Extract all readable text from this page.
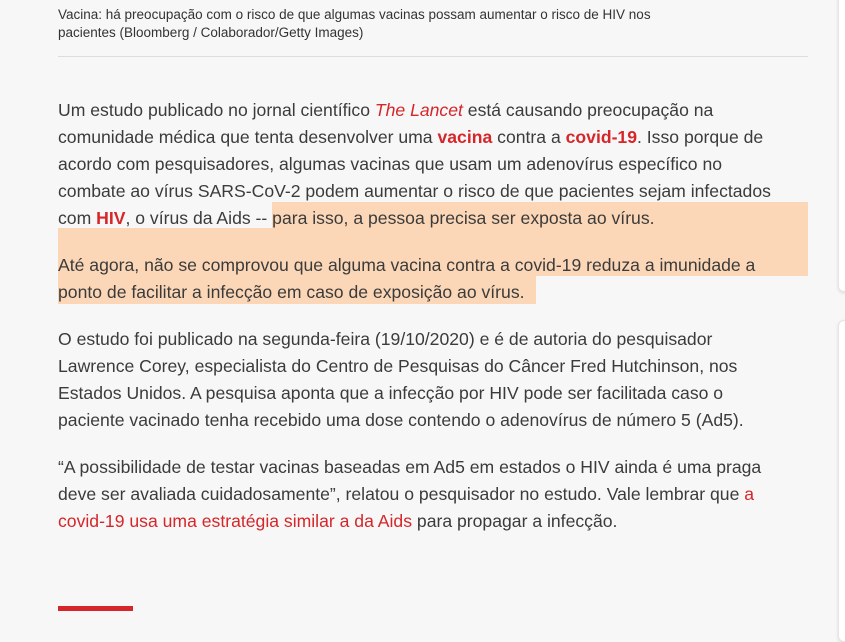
Vacina: há preocupação com o risco de que algumas vacinas possam aumentar o risco de HIV nos
pacientes (Bloomberg / Colaborador/Getty Images)
Um estudo publicado no jornal científico The Lancet está causando preocupação na
comunidade médica que tenta desenvolver uma vacina contra a covid-19. Isso porque de
acordo com pesquisadores, algumas vacinas que usam um adenovírus específico no
combate ao vírus SARS-CoV-2 podem aumentar o risco de que pacientes sejam infectados
com HIV, o vírus da Aids -- para isso, a pessoa precisa ser exposta ao vírus.
Até agora, não se comprovou que alguma vacina contra a covid-19 reduza a imunidade a
ponto de facilitar a infecção em caso de exposição ao vírus.
O estudo foi publicado na segunda-feira (19/10/2020) e é de autoria do pesquisador
Lawrence Corey, especialista do Centro de Pesquisas do Câncer Fred Hutchinson, nos
Estados Unidos. A pesquisa aponta que a infecção por HIV pode ser facilitada caso o
paciente vacinado tenha recebido uma dose contendo o adenovírus de número 5 (Ad5).
“A possibilidade de testar vacinas baseadas em Ad5 em estados o HIV ainda é uma praga
deve ser avaliada cuidadosamente”, relatou o pesquisador no estudo. Vale lembrar que a
covid-19 usa uma estratégia similar a da Aids para propagar a infecção.
